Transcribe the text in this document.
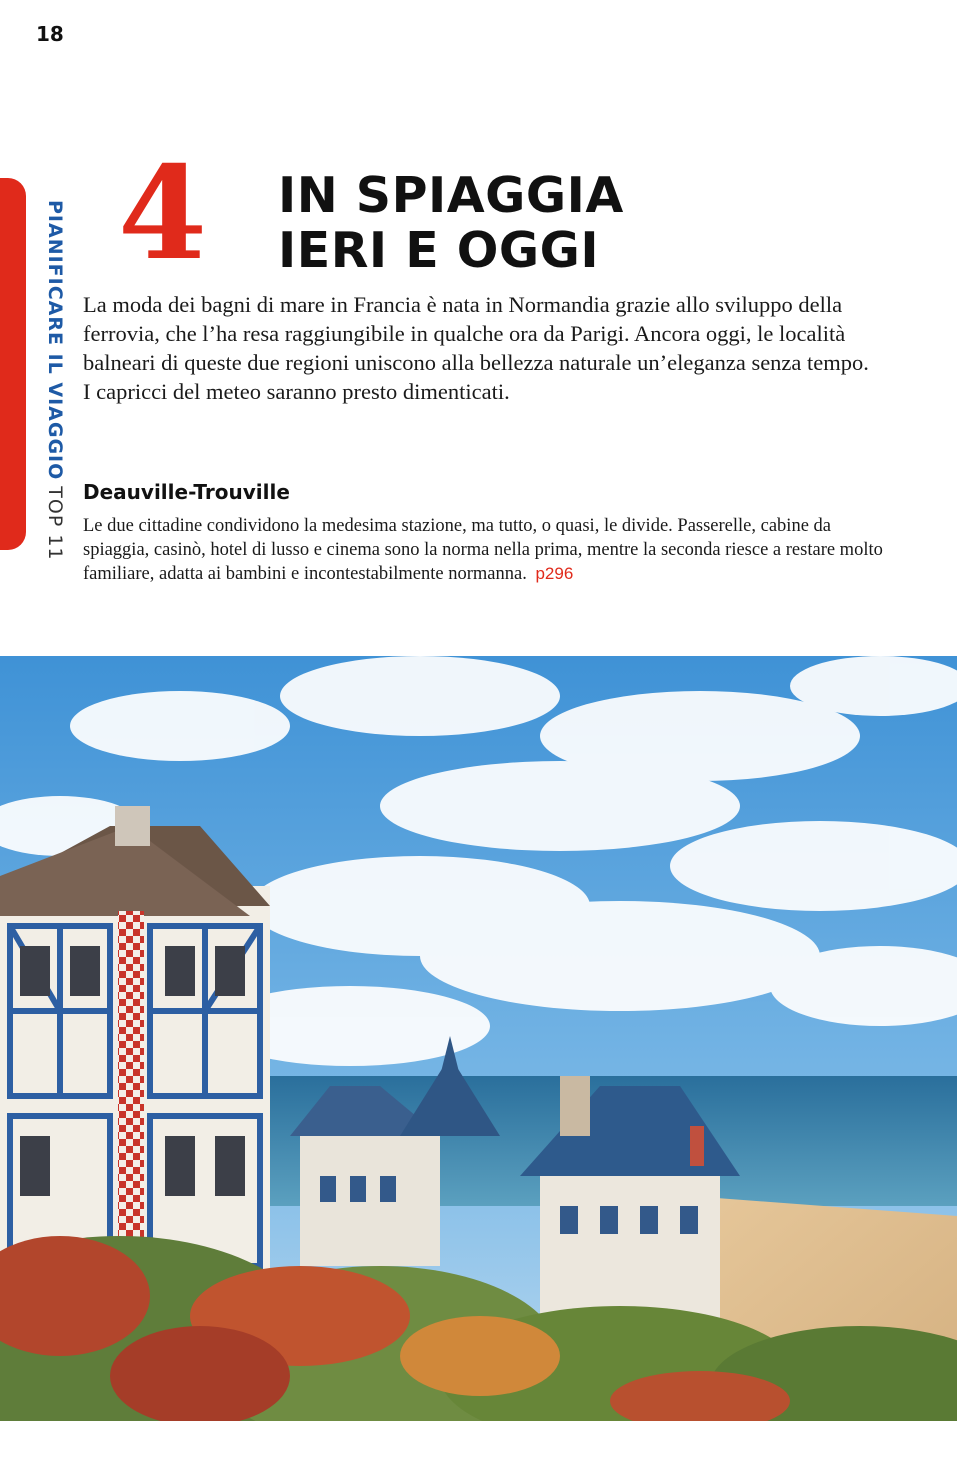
18
PIANIFICARE IL VIAGGIOTOP 11
4 IN SPIAGGIA
IERI E OGGI
La moda dei bagni di mare in Francia è nata in Normandia grazie allo sviluppo della ferrovia, che l’ha resa raggiungibile in qualche ora da Parigi. Ancora oggi, le località balneari di queste due regioni uniscono alla bellezza naturale un’eleganza senza tempo. I capricci del meteo saranno presto dimenticati.
Deauville-Trouville
Le due cittadine condividono la medesima stazione, ma tutto, o quasi, le divide. Passerelle, cabine da spiaggia, casinò, hotel di lusso e cinema sono la norma nella prima, mentre la seconda riesce a restare molto familiare, adatta ai bambini e incontestabilmente normanna. p296
